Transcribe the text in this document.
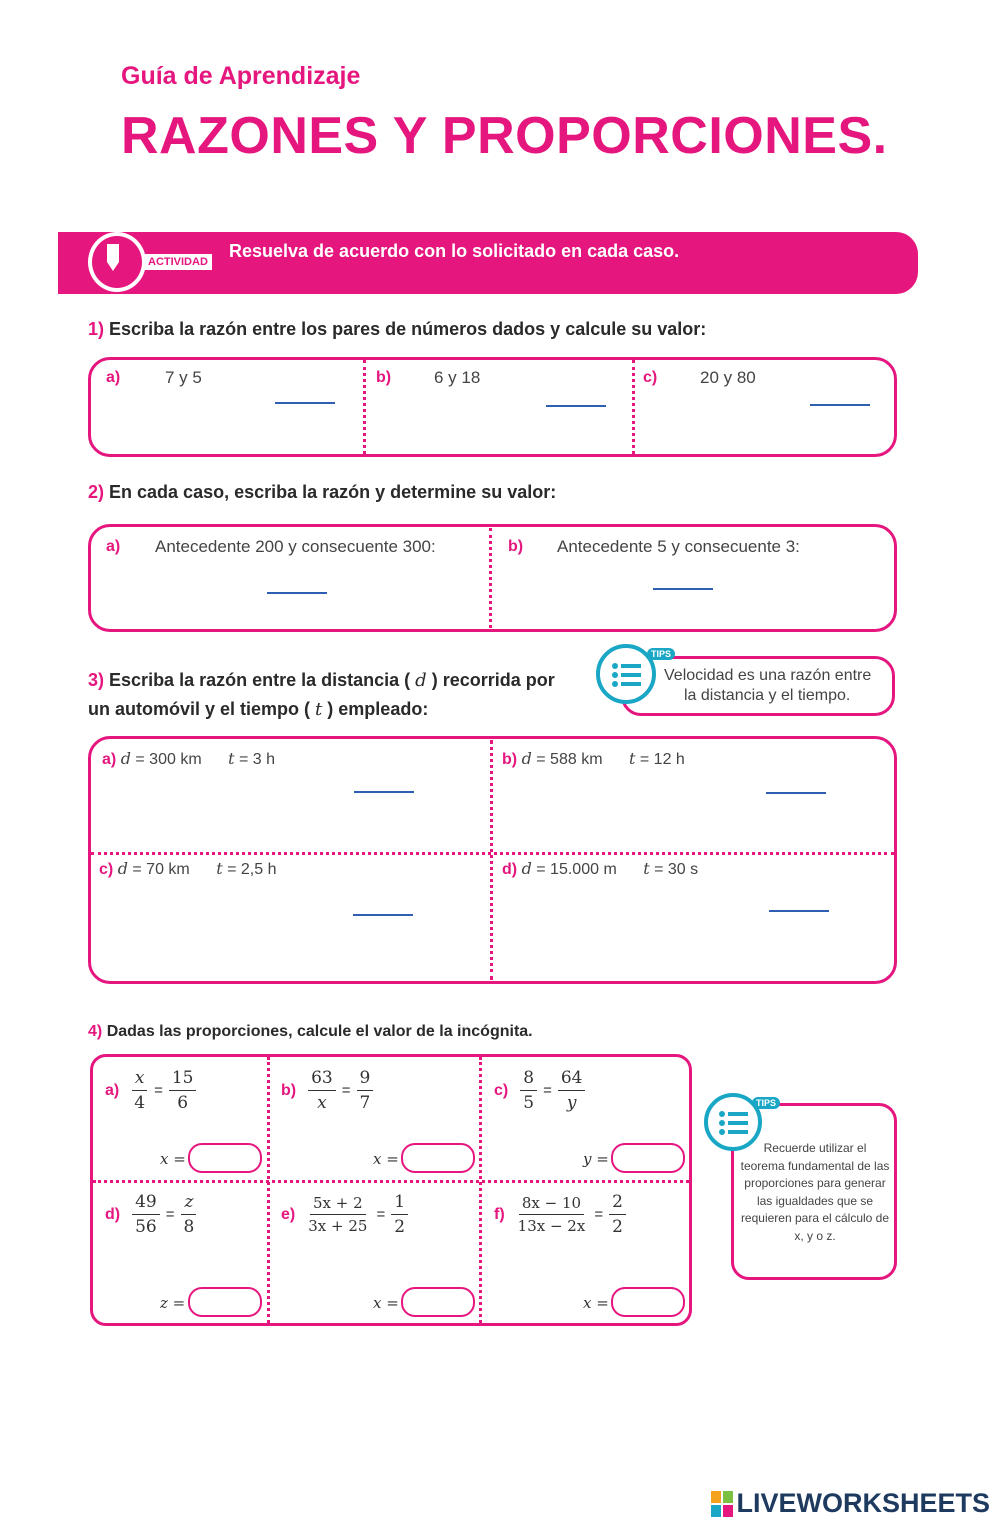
Guía de Aprendizaje
RAZONES Y PROPORCIONES.
ACTIVIDAD
Resuelva de acuerdo con lo solicitado en cada caso.
1) Escriba la razón entre los pares de números dados y calcule su valor:
a)	7 y 5	b)	6 y 18	c)	20 y 80
2) En cada caso, escriba la razón y determine su valor:
a) Antecedente 200 y consecuente 300:	b) Antecedente 5 y consecuente 3:
3) Escriba la razón entre la distancia ( d ) recorrida por
un automóvil y el tiempo ( t ) empleado:
TIPS
Velocidad es una razón entre
la distancia y el tiempo.
a) d = 300 km t = 3 h	b) d = 588 km t = 12 h
c) d = 70 km t = 2,5 h	d) d = 15.000 m t = 30 s
4) Dadas las proporciones, calcule el valor de la incógnita.
$a) \frac{x}{4} = \frac{15}{6}$
x =
$b) \frac{63}{x} = \frac{9}{7}$
x =
$c) \frac{8}{5} = \frac{64}{y}$
y =
$d) \frac{49}{56} = \frac{z}{8}$
z =
$e) \frac{5x + 2}{3x + 25} = \frac{1}{2}$
x =
$f) \frac{8x - 10}{13x - 2x} = \frac{2}{2}$
x =
TIPS
Recuerde utilizar el teorema fundamental de las proporciones para generar las igualdades que se requieren para el cálculo de x, y o z.
LIVEWORKSHEETS
